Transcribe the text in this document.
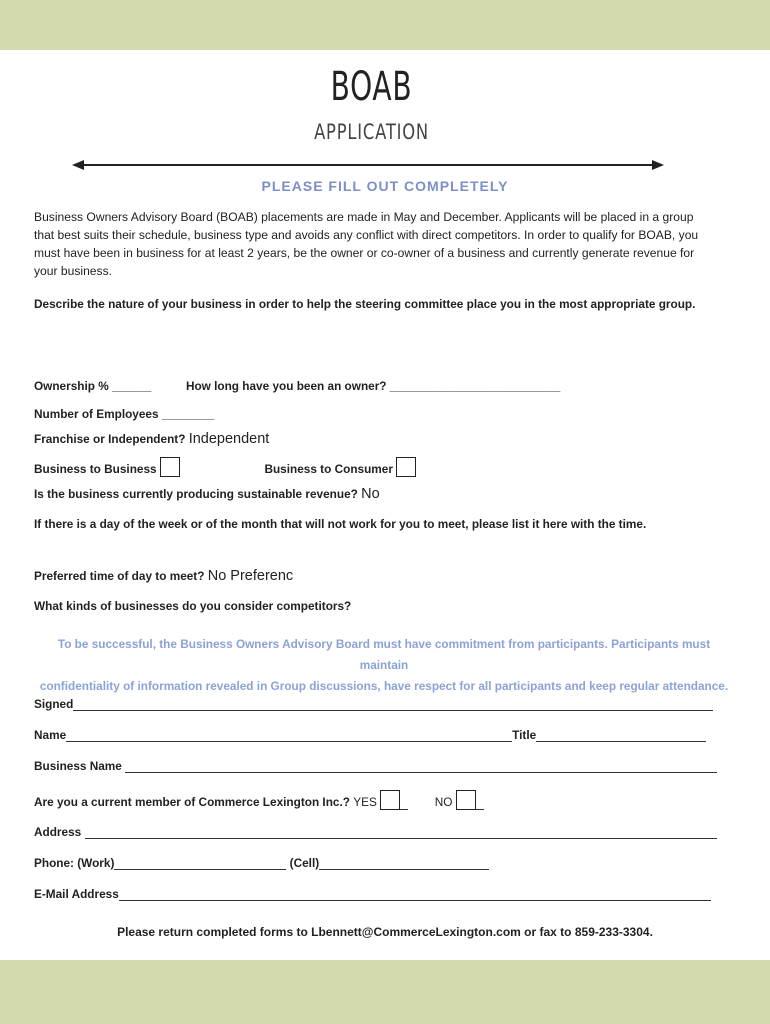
BOAB
APPLICATION
PLEASE FILL OUT COMPLETELY
Business Owners Advisory Board (BOAB) placements are made in May and December. Applicants will be placed in a group
that best suits their schedule, business type and avoids any conflict with direct competitors. In order to qualify for BOAB, you
must have been in business for at least 2 years, be the owner or co-owner of a business and currently generate revenue for
your business.
Describe the nature of your business in order to help the steering committee place you in the most appropriate group.
Ownership % ______	How long have you been an owner? __________________________
Number of Employees ________
Franchise or Independent? Independent
Business to Business	Business to Consumer
Is the business currently producing sustainable revenue? No
If there is a day of the week or of the month that will not work for you to meet, please list it here with the time.
Preferred time of day to meet? No Preferenc
What kinds of businesses do you consider competitors?
To be successful, the Business Owners Advisory Board must have commitment from participants. Participants must maintain
confidentiality of information revealed in Group discussions, have respect for all participants and keep regular attendance.
Signed
Name	Title
Business Name
Are you a current member of Commerce Lexington Inc.? YES	NO
Address
Phone: (Work)	(Cell)
E-Mail Address
Please return completed forms to Lbennett@CommerceLexington.com or fax to 859-233-3304.
